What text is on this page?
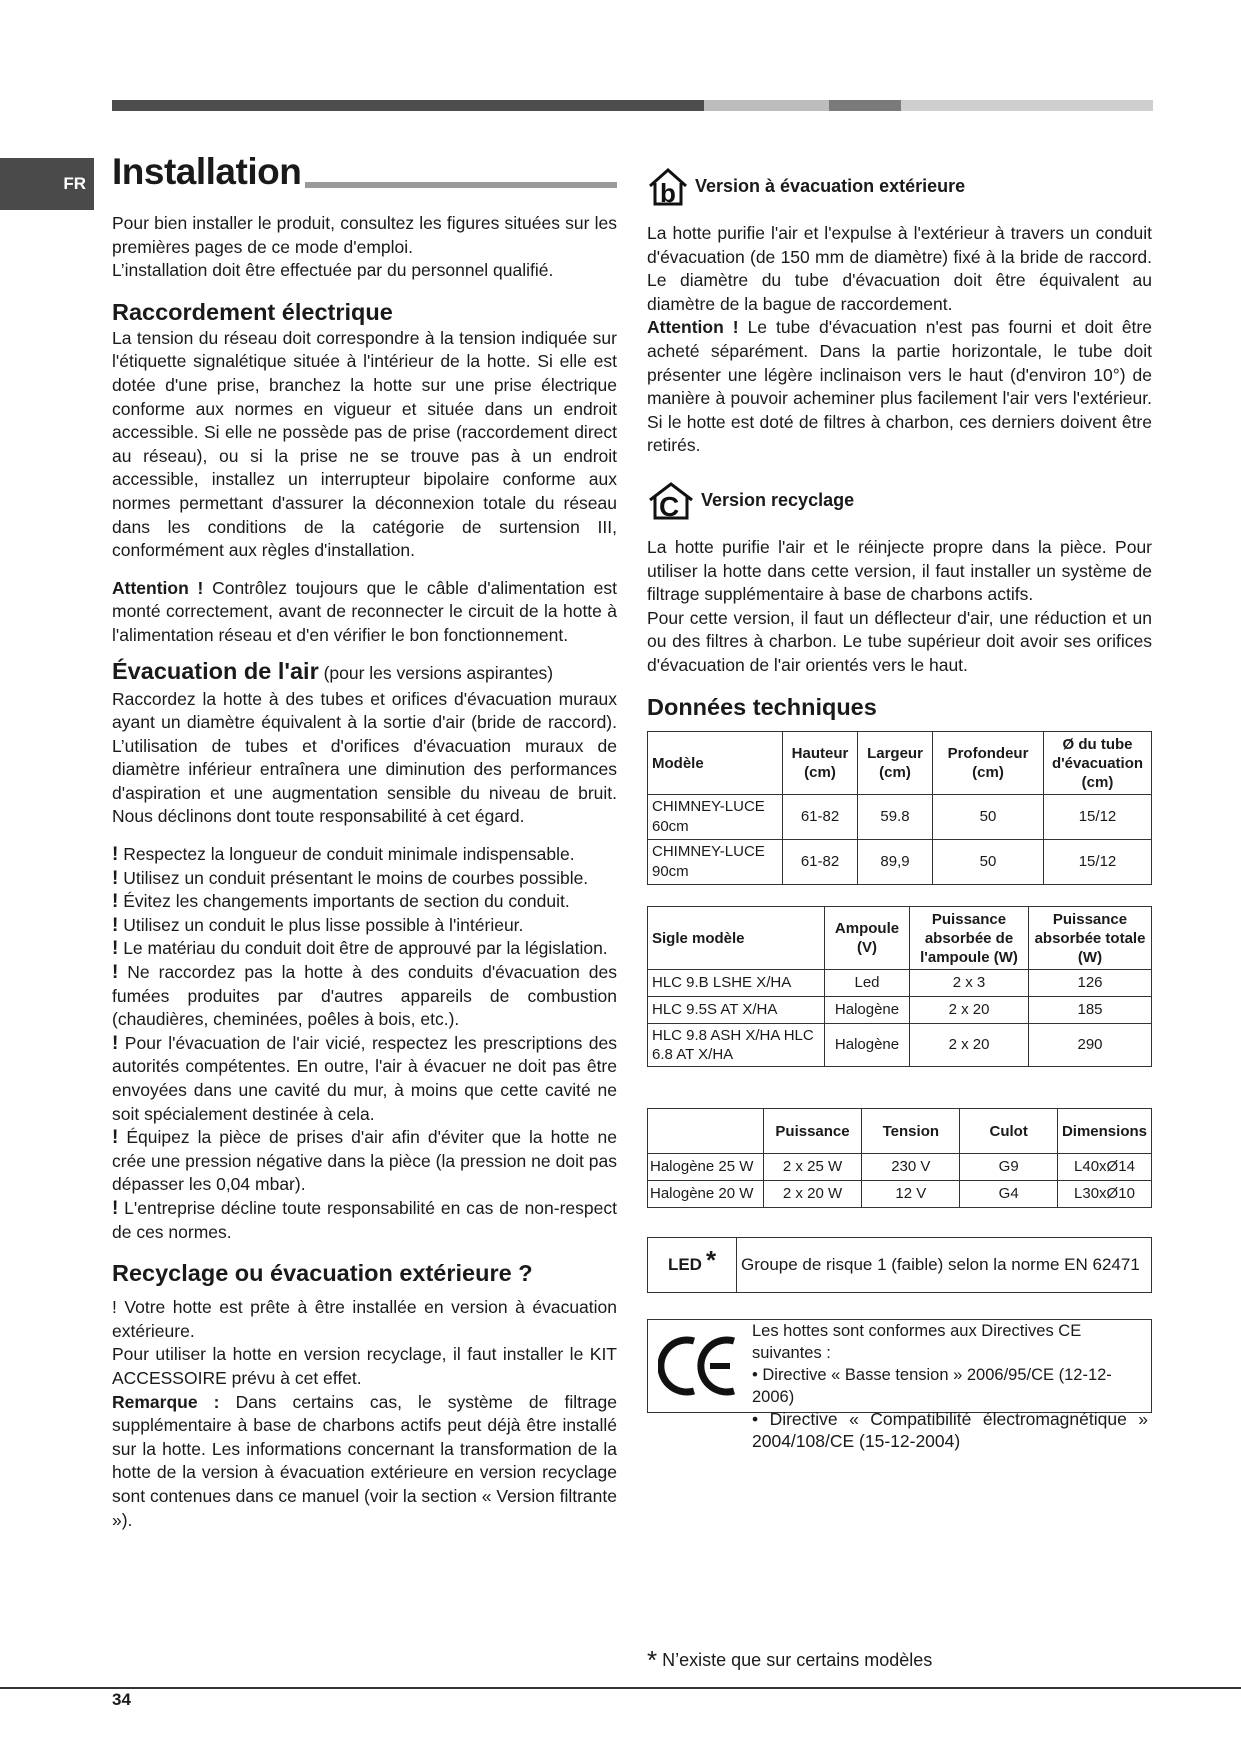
FR Installation

Pour bien installer le produit, consultez les figures situées sur les premières pages de ce mode d'emploi.

L’installation doit être effectuée par du personnel qualifié.

Raccordement électrique

La tension du réseau doit correspondre à la tension indiquée sur l'étiquette signalétique située à l'intérieur de la hotte. Si elle est dotée d'une prise, branchez la hotte sur une prise électrique conforme aux normes en vigueur et située dans un endroit accessible. Si elle ne possède pas de prise (raccordement direct au réseau), ou si la prise ne se trouve pas à un endroit accessible, installez un interrupteur bipolaire conforme aux normes permettant d'assurer la déconnexion totale du réseau dans les conditions de la catégorie de surtension III, conformément aux règles d'installation.

Attention ! Contrôlez toujours que le câble d'alimentation est monté correctement, avant de reconnecter le circuit de la hotte à l'alimentation réseau et d'en vérifier le bon fonctionnement.

Évacuation de l'air (pour les versions aspirantes)

Raccordez la hotte à des tubes et orifices d'évacuation muraux ayant un diamètre équivalent à la sortie d'air (bride de raccord). L’utilisation de tubes et d'orifices d'évacuation muraux de diamètre inférieur entraînera une diminution des performances d'aspiration et une augmentation sensible du niveau de bruit. Nous déclinons dont toute responsabilité à cet égard.

! Respectez la longueur de conduit minimale indispensable.

! Utilisez un conduit présentant le moins de courbes possible.

! Évitez les changements importants de section du conduit.

! Utilisez un conduit le plus lisse possible à l'intérieur.

! Le matériau du conduit doit être de approuvé par la législation.

! Ne raccordez pas la hotte à des conduits d'évacuation des fumées produites par d'autres appareils de combustion (chaudières, cheminées, poêles à bois, etc.).

! Pour l'évacuation de l'air vicié, respectez les prescriptions des autorités compétentes. En outre, l'air à évacuer ne doit pas être envoyées dans une cavité du mur, à moins que cette cavité ne soit spécialement destinée à cela.

! Équipez la pièce de prises d'air afin d'éviter que la hotte ne crée une pression négative dans la pièce (la pression ne doit pas dépasser les 0,04 mbar).

! L'entreprise décline toute responsabilité en cas de non-respect de ces normes.

Recyclage ou évacuation extérieure ?

! Votre hotte est prête à être installée en version à évacuation extérieure.

Pour utiliser la hotte en version recyclage, il faut installer le KIT ACCESSOIRE prévu à cet effet.

Remarque : Dans certains cas, le système de filtrage supplémentaire à base de charbons actifs peut déjà être installé sur la hotte. Les informations concernant la transformation de la hotte de la version à évacuation extérieure en version recyclage sont contenues dans ce manuel (voir la section « Version filtrante »).

b Version à évacuation extérieure

La hotte purifie l'air et l'expulse à l'extérieur à travers un conduit d'évacuation (de 150 mm de diamètre) fixé à la bride de raccord. Le diamètre du tube d'évacuation doit être équivalent au diamètre de la bague de raccordement.

Attention ! Le tube d'évacuation n'est pas fourni et doit être acheté séparément. Dans la partie horizontale, le tube doit présenter une légère inclinaison vers le haut (d'environ 10°) de manière à pouvoir acheminer plus facilement l'air vers l'extérieur. Si le hotte est doté de filtres à charbon, ces derniers doivent être retirés.

C Version recyclage

La hotte purifie l'air et le réinjecte propre dans la pièce. Pour utiliser la hotte dans cette version, il faut installer un système de filtrage supplémentaire à base de charbons actifs.

Pour cette version, il faut un déflecteur d'air, une réduction et un ou des filtres à charbon. Le tube supérieur doit avoir ses orifices d'évacuation de l'air orientés vers le haut.

Données techniques
Modèle	Hauteur (cm)	Largeur (cm)	Profondeur (cm)	Ø du tube d'évacuation (cm)
CHIMNEY-LUCE 60cm	61-82	59.8	50	15/12
CHIMNEY-LUCE 90cm	61-82	89,9	50	15/12
Sigle modèle	Ampoule (V)	Puissance absorbée de l'ampoule (W)	Puissance absorbée totale (W)
HLC 9.B LSHE X/HA	Led	2 x 3	126
HLC 9.5S AT X/HA	Halogène	2 x 20	185
HLC 9.8 ASH X/HA HLC 6.8 AT X/HA	Halogène	2 x 20	290
	Puissance	Tension	Culot	Dimensions
Halogène 25 W	2 x 25 W	230 V	G9	L40xØ14
Halogène 20 W	2 x 20 W	12 V	G4	L30xØ10
LED * Groupe de risque 1 (faible) selon la norme EN 62471

Les hottes sont conformes aux Directives CE suivantes :

• Directive « Basse tension » 2006/95/CE (12-12-2006)

• Directive « Compatibilité électromagnétique » 2004/108/CE (15-12-2004)

* N’existe que sur certains modèles
34
